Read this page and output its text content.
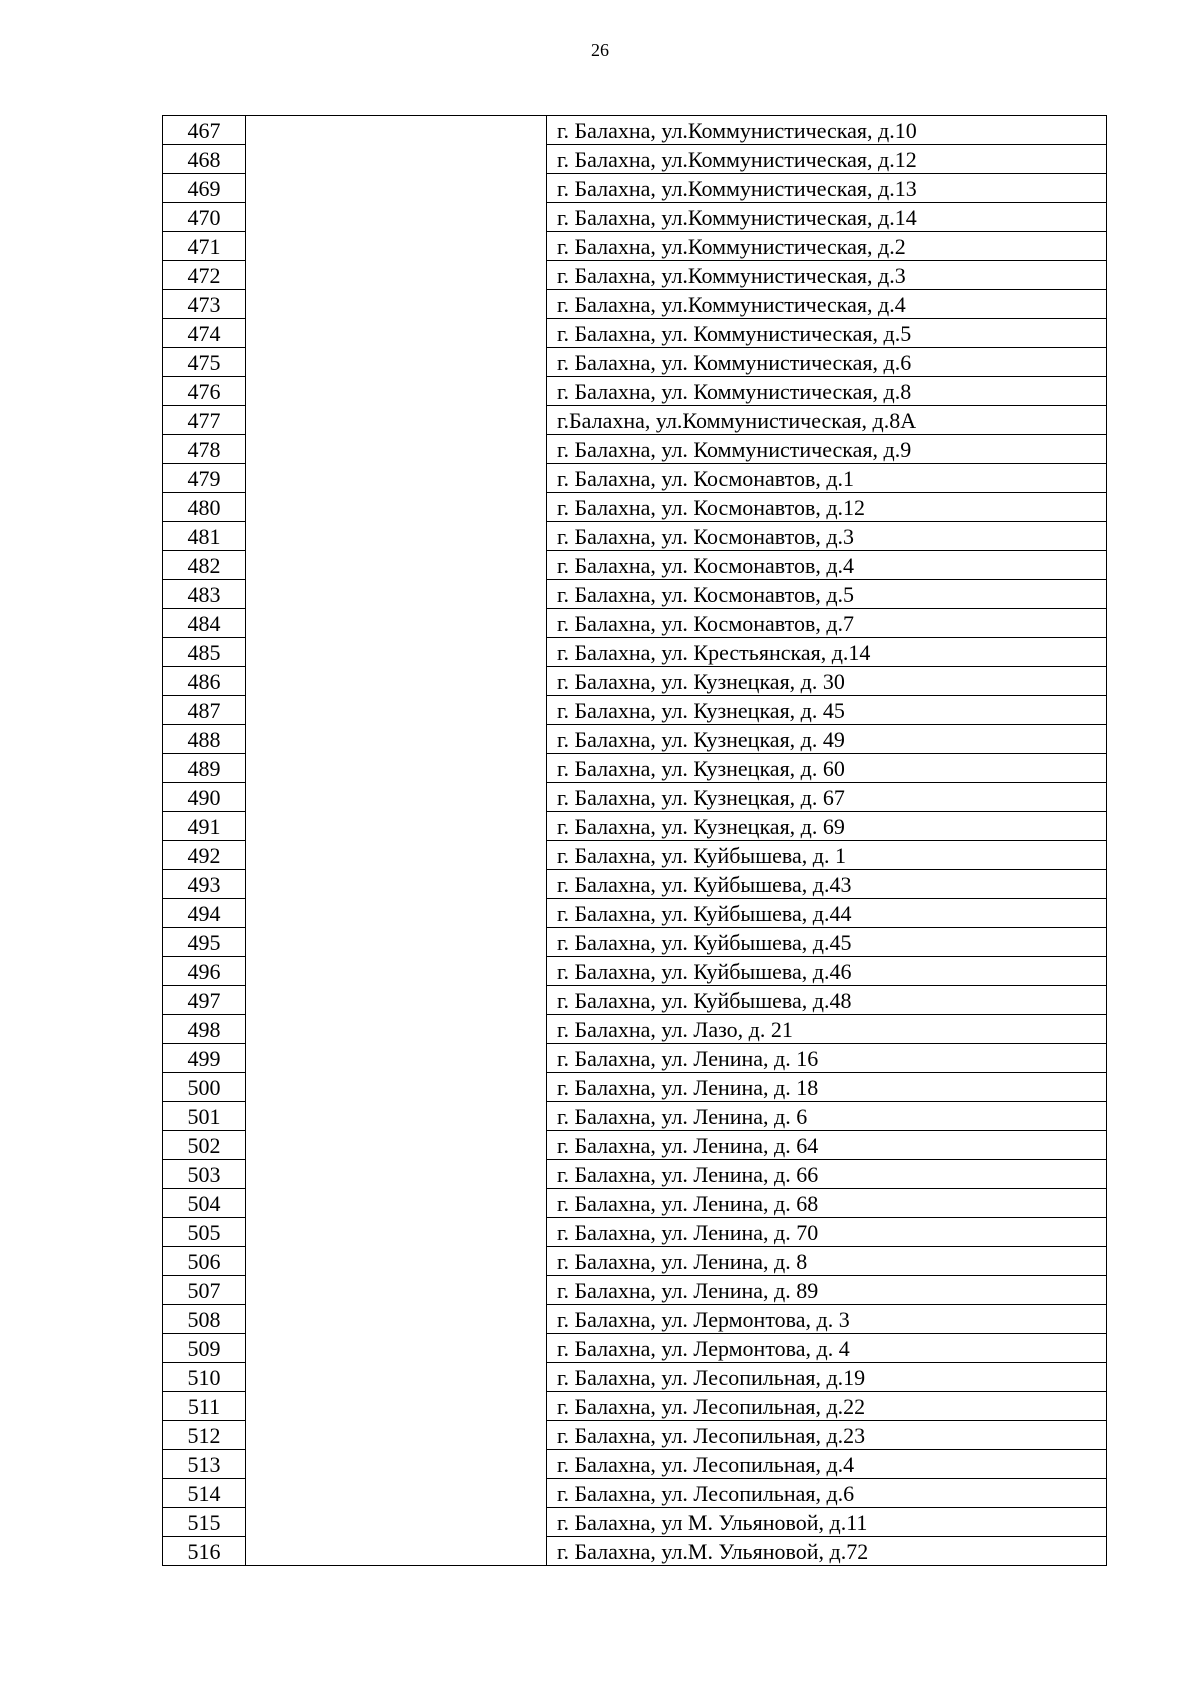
26
467		г. Балахна, ул.Коммунистическая, д.10
468		г. Балахна, ул.Коммунистическая, д.12
469		г. Балахна, ул.Коммунистическая, д.13
470		г. Балахна, ул.Коммунистическая, д.14
471		г. Балахна, ул.Коммунистическая, д.2
472		г. Балахна, ул.Коммунистическая, д.3
473		г. Балахна, ул.Коммунистическая, д.4
474		г. Балахна, ул. Коммунистическая, д.5
475		г. Балахна, ул. Коммунистическая, д.6
476		г. Балахна, ул. Коммунистическая, д.8
477		г.Балахна, ул.Коммунистическая, д.8А
478		г. Балахна, ул. Коммунистическая, д.9
479		г. Балахна, ул. Космонавтов, д.1
480		г. Балахна, ул. Космонавтов, д.12
481		г. Балахна, ул. Космонавтов, д.3
482		г. Балахна, ул. Космонавтов, д.4
483		г. Балахна, ул. Космонавтов, д.5
484		г. Балахна, ул. Космонавтов, д.7
485		г. Балахна, ул. Крестьянская, д.14
486		г. Балахна, ул. Кузнецкая, д. 30
487		г. Балахна, ул. Кузнецкая, д. 45
488		г. Балахна, ул. Кузнецкая, д. 49
489		г. Балахна, ул. Кузнецкая, д. 60
490		г. Балахна, ул. Кузнецкая, д. 67
491		г. Балахна, ул. Кузнецкая, д. 69
492		г. Балахна, ул. Куйбышева, д. 1
493		г. Балахна, ул. Куйбышева, д.43
494		г. Балахна, ул. Куйбышева, д.44
495		г. Балахна, ул. Куйбышева, д.45
496		г. Балахна, ул. Куйбышева, д.46
497		г. Балахна, ул. Куйбышева, д.48
498		г. Балахна, ул. Лазо, д. 21
499		г. Балахна, ул. Ленина, д. 16
500		г. Балахна, ул. Ленина, д. 18
501		г. Балахна, ул. Ленина, д. 6
502		г. Балахна, ул. Ленина, д. 64
503		г. Балахна, ул. Ленина, д. 66
504		г. Балахна, ул. Ленина, д. 68
505		г. Балахна, ул. Ленина, д. 70
506		г. Балахна, ул. Ленина, д. 8
507		г. Балахна, ул. Ленина, д. 89
508		г. Балахна, ул. Лермонтова, д. 3
509		г. Балахна, ул. Лермонтова, д. 4
510		г. Балахна, ул. Лесопильная, д.19
511		г. Балахна, ул. Лесопильная, д.22
512		г. Балахна, ул. Лесопильная, д.23
513		г. Балахна, ул. Лесопильная, д.4
514		г. Балахна, ул. Лесопильная, д.6
515		г. Балахна, ул М. Ульяновой, д.11
516		г. Балахна, ул.М. Ульяновой, д.72
